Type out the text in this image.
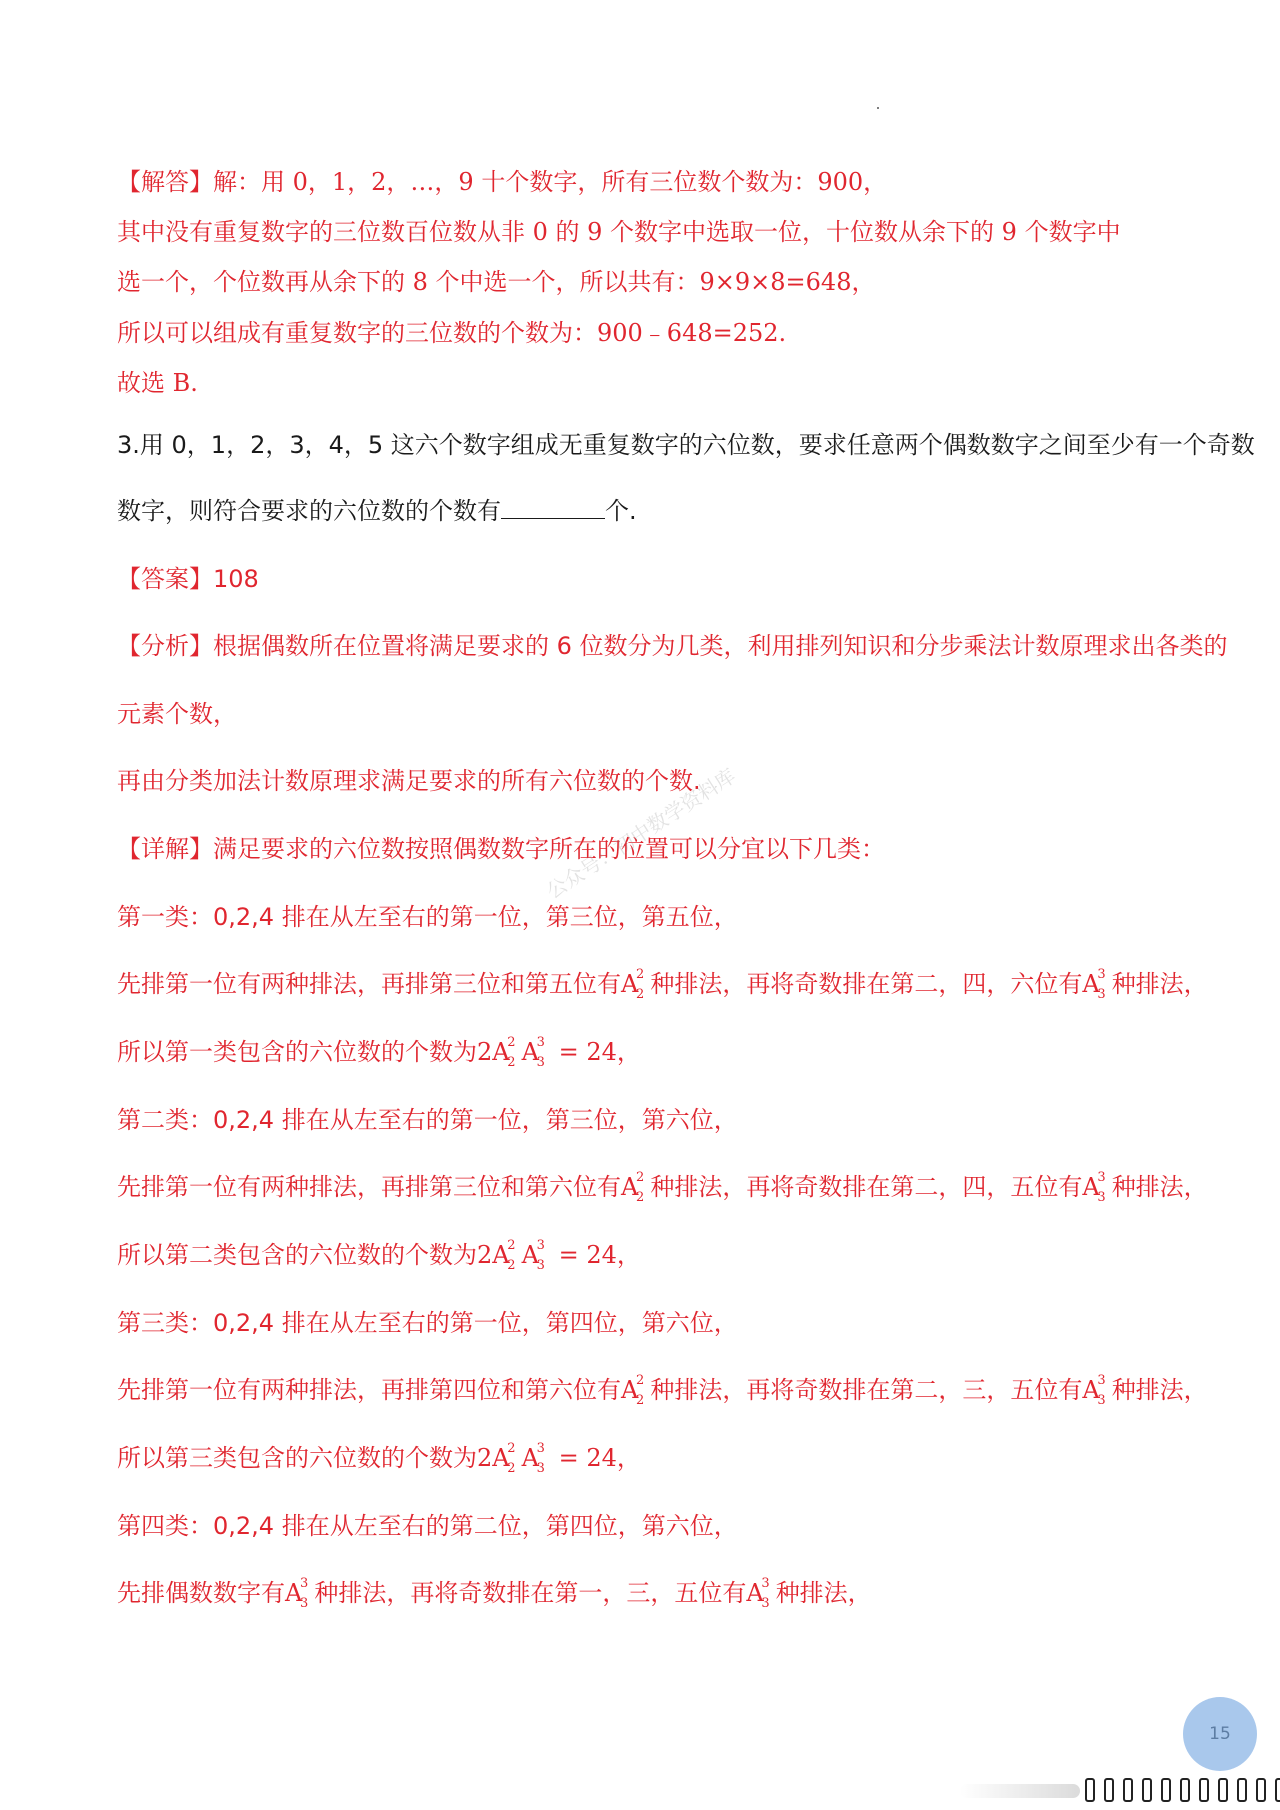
【解答】解：用 0，1，2，…，9 十个数字，所有三位数个数为：900，
其中没有重复数字的三位数百位数从非 0 的 9 个数字中选取一位，十位数从余下的 9 个数字中
选一个，个位数再从余下的 8 个中选一个，所以共有：9×9×8=648，
所以可以组成有重复数字的三位数的个数为：900﹣648=252.
故选 B.
3.用 0，1，2，3，4，5 这六个数字组成无重复数字的六位数，要求任意两个偶数数字之间至少有一个奇数
数字，则符合要求的六位数的个数有	个.
【答案】108
【分析】根据偶数所在位置将满足要求的 6 位数分为几类，利用排列知识和分步乘法计数原理求出各类的
元素个数，
再由分类加法计数原理求满足要求的所有六位数的个数.
【详解】满足要求的六位数按照偶数数字所在的位置可以分宜以下几类：
第一类：0,2,4 排在从左至右的第一位，第三位，第五位，
先排第一位有两种排法，再排第三位和第五位有A
2
2 种排法，再将奇数排在第二，四，六位有A
3
3 种排法，
所以第一类包含的六位数的个数为2A
2
2 A
3
3 = 24，
第二类：0,2,4 排在从左至右的第一位，第三位，第六位，
先排第一位有两种排法，再排第三位和第六位有A
2
2 种排法，再将奇数排在第二，四，五位有A
3
3 种排法，
所以第二类包含的六位数的个数为2A
2
2 A
3
3 = 24，
第三类：0,2,4 排在从左至右的第一位，第四位，第六位，
先排第一位有两种排法，再排第四位和第六位有A
2
2 种排法，再将奇数排在第二，三，五位有A
3
3 种排法，
所以第三类包含的六位数的个数为2A
2
2 A
3
3 = 24，
第四类：0,2,4 排在从左至右的第二位，第四位，第六位，
先排偶数数字有A
3
3 种排法，再将奇数排在第一，三，五位有A
3
3 种排法，
公众号：初中数学资料库
15
